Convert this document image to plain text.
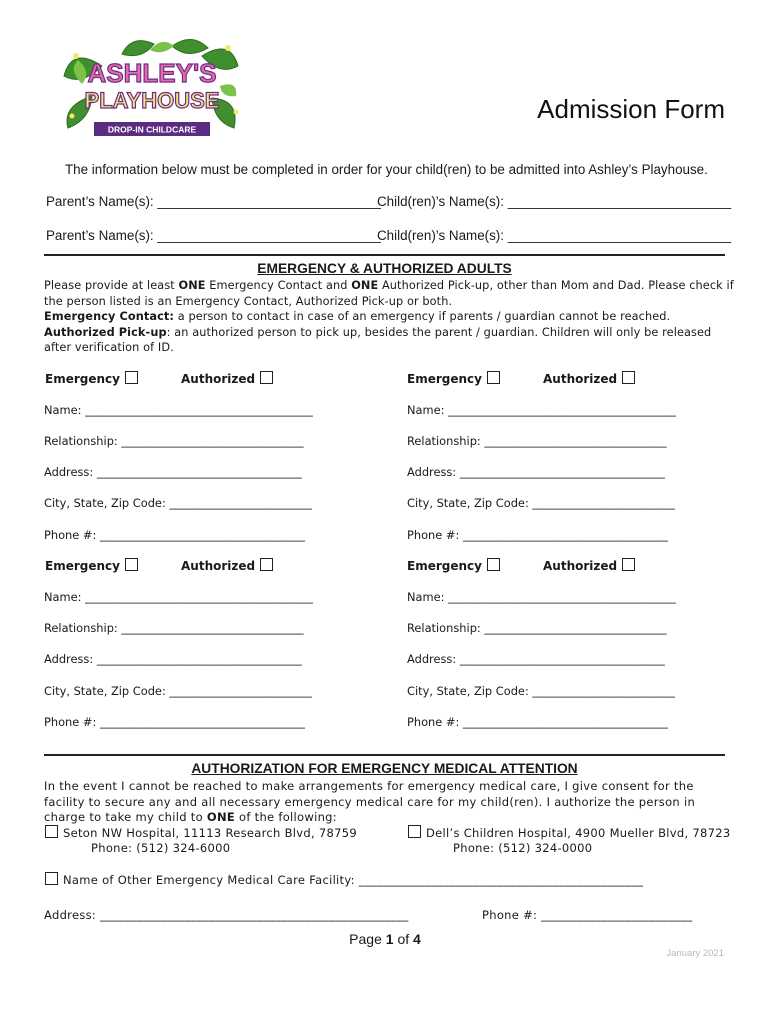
ASHLEY'S
PLAYHOUSE
DROP-IN CHILDCARE
Admission Form
The information below must be completed in order for your child(ren) to be admitted into Ashley’s Playhouse.
Parent’s Name(s): ______________________________
Child(ren)’s Name(s): ______________________________
Parent’s Name(s): ______________________________
Child(ren)’s Name(s): ______________________________
EMERGENCY & AUTHORIZED ADULTS
Please provide at least ONE Emergency Contact and ONE Authorized Pick-up, other than Mom and Dad. Please check if
the person listed is an Emergency Contact, Authorized Pick-up or both.
Emergency Contact: a person to contact in case of an emergency if parents / guardian cannot be reached.
Authorized Pick-up: an authorized person to pick up, besides the parent / guardian. Children will only be released
after verification of ID.
Emergency	Authorized
Name: ________________________________________
Relationship: ________________________________
Address: ____________________________________
City, State, Zip Code: _________________________
Phone #: ____________________________________
Emergency	Authorized
Name: ________________________________________
Relationship: ________________________________
Address: ____________________________________
City, State, Zip Code: _________________________
Phone #: ____________________________________
Emergency	Authorized
Name: ________________________________________
Relationship: ________________________________
Address: ____________________________________
City, State, Zip Code: _________________________
Phone #: ____________________________________
Emergency	Authorized
Name: ________________________________________
Relationship: ________________________________
Address: ____________________________________
City, State, Zip Code: _________________________
Phone #: ____________________________________
AUTHORIZATION FOR EMERGENCY MEDICAL ATTENTION
In the event I cannot be reached to make arrangements for emergency medical care, I give consent for the
facility to secure any and all necessary emergency medical care for my child(ren). I authorize the person in
charge to take my child to ONE of the following:
Seton NW Hospital, 11113 Research Blvd, 78759
Phone: (512) 324-6000
Dell’s Children Hospital, 4900 Mueller Blvd, 78723
Phone: (512) 324-0000
Name of Other Emergency Medical Care Facility: _______________________________________________
Address: ___________________________________________________	Phone #: _________________________
Page 1 of 4
January 2021
